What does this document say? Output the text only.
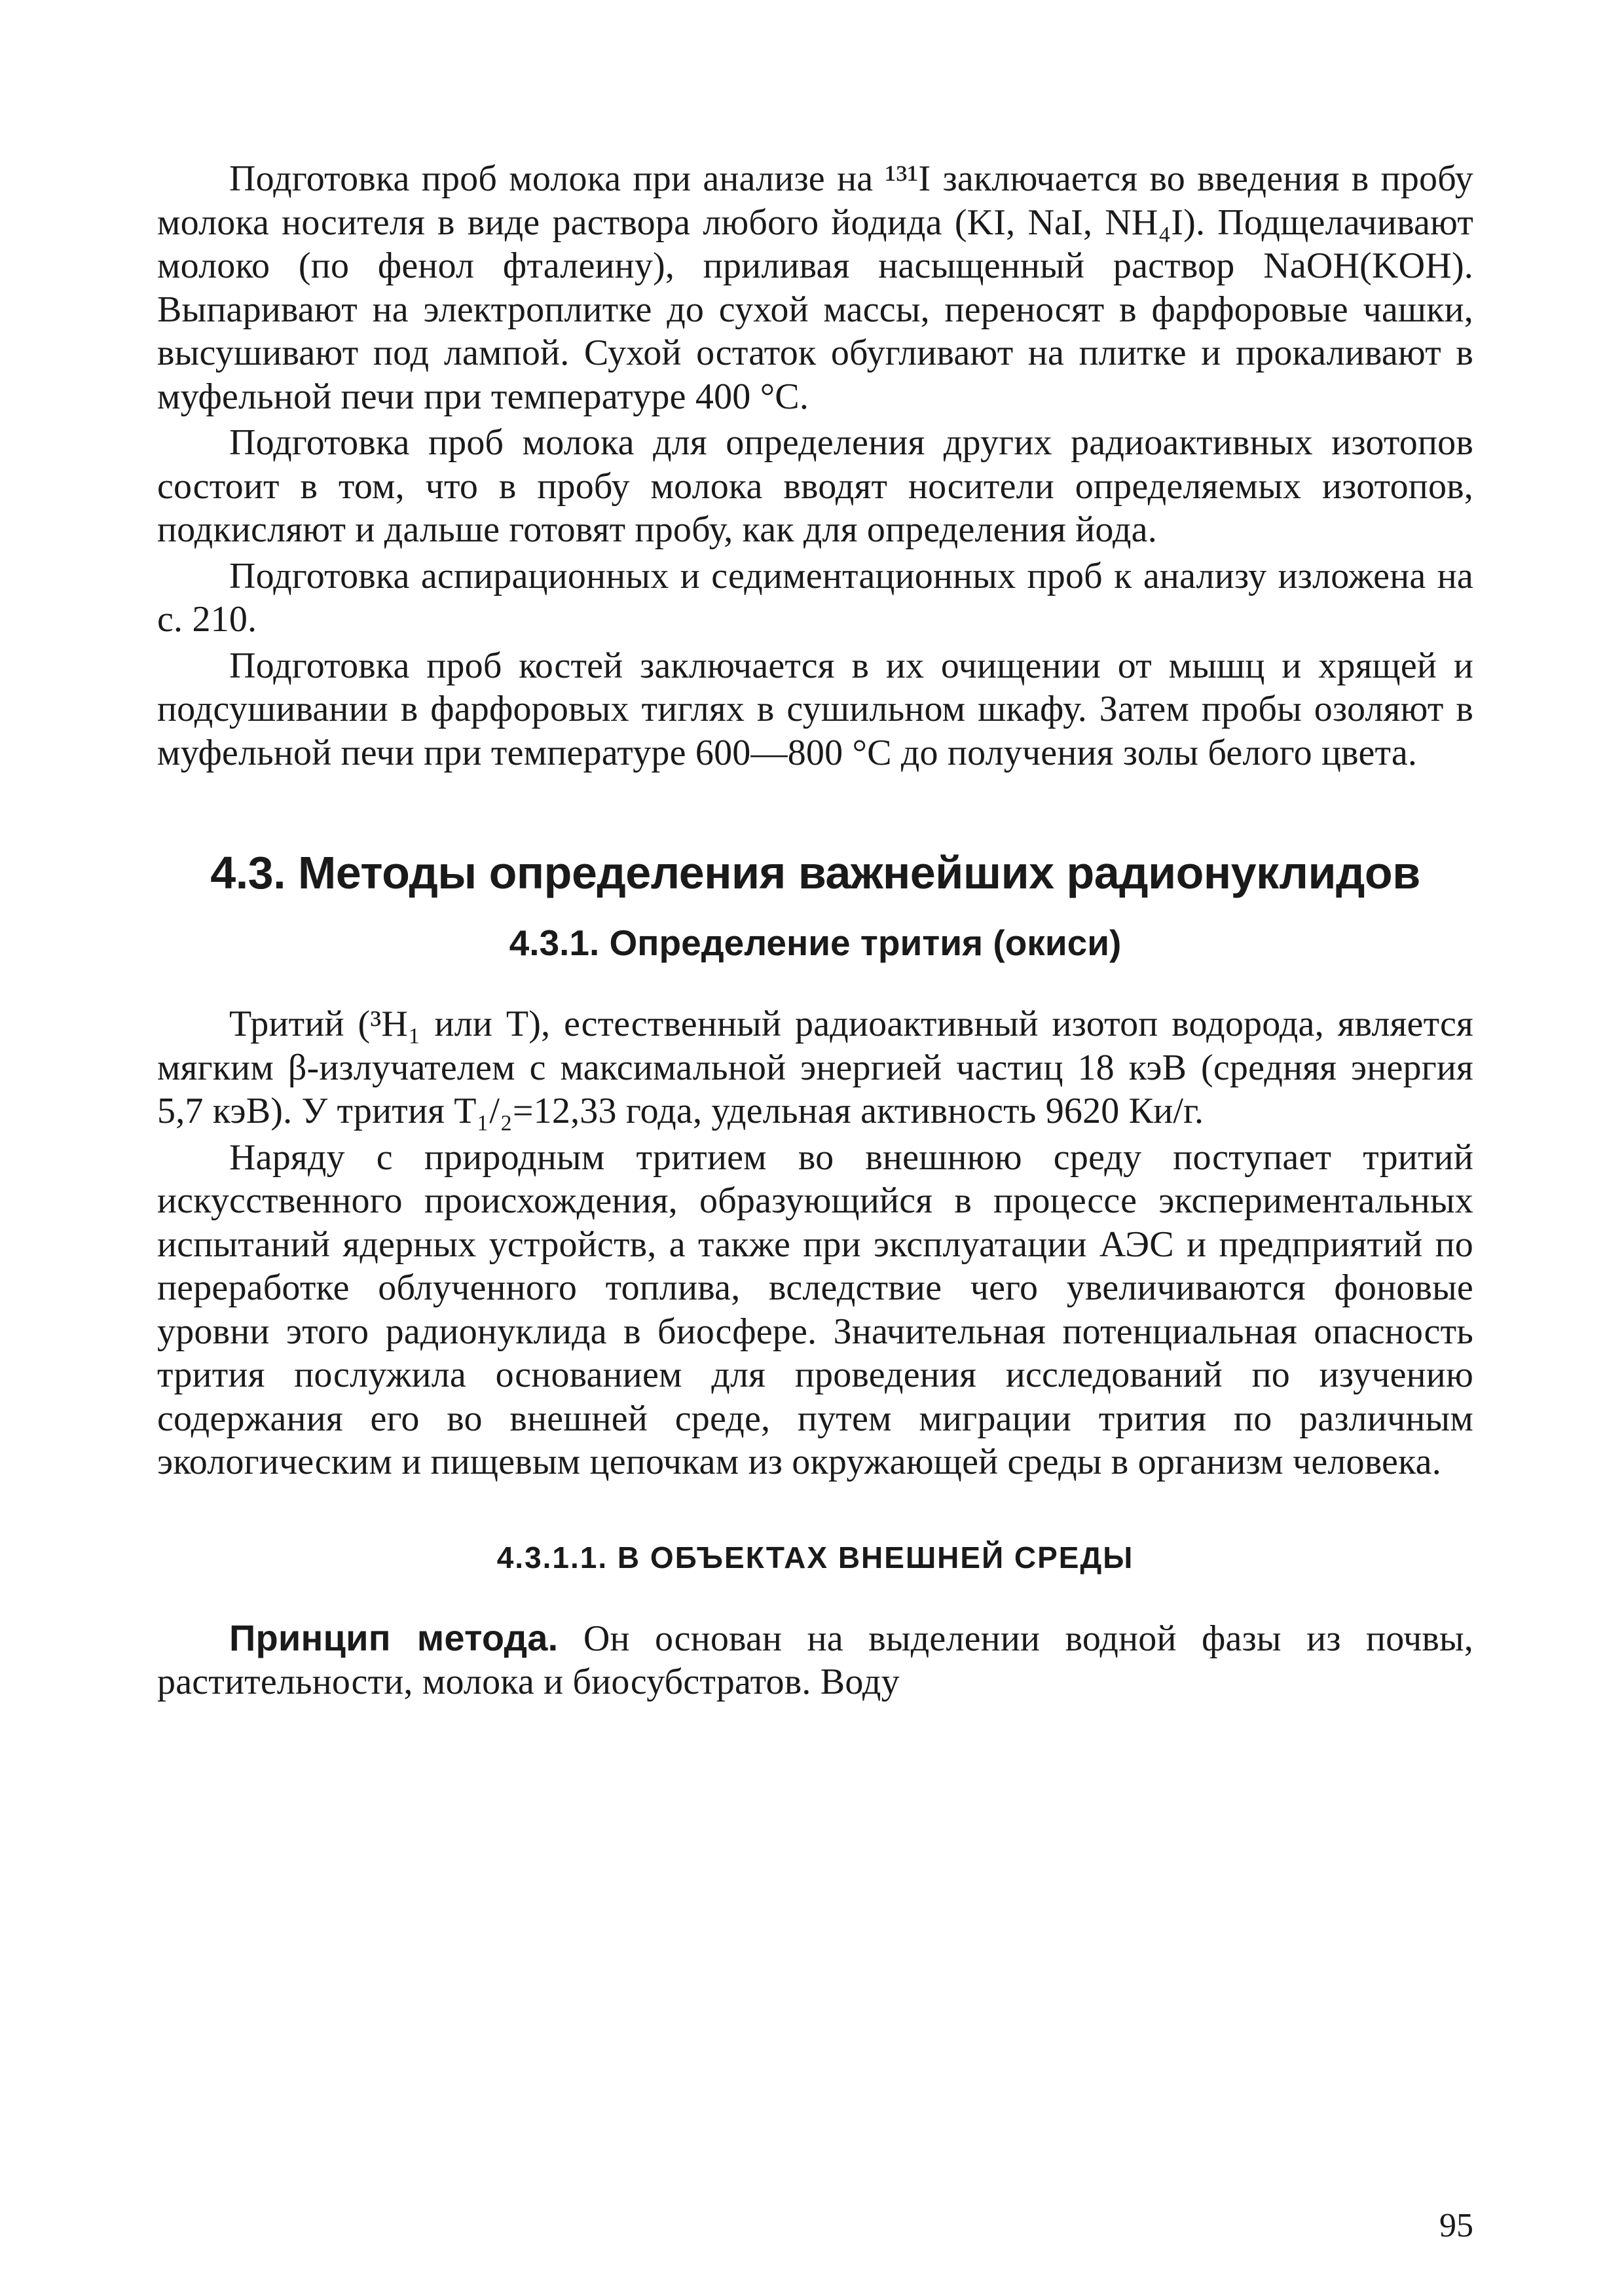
Подготовка проб молока при анализе на ¹³¹I заключается во введения в пробу молока носителя в виде раствора любого йодида (KI, NaI, NH₄I). Подщелачивают молоко (по фенол фталеину), приливая насыщенный раствор NaOH(KOH). Выпаривают на электроплитке до сухой массы, переносят в фарфоровые чашки, высушивают под лампой. Сухой остаток обугливают на плитке и прокаливают в муфельной печи при температуре 400 °С.

Подготовка проб молока для определения других радиоактивных изотопов состоит в том, что в пробу молока вводят носители определяемых изотопов, подкисляют и дальше готовят пробу, как для определения йода.

Подготовка аспирационных и седиментационных проб к анализу изложена на с. 210.

Подготовка проб костей заключается в их очищении от мышц и хрящей и подсушивании в фарфоровых тиглях в сушильном шкафу. Затем пробы озоляют в муфельной печи при температуре 600—800 °С до получения золы белого цвета.

4.3. Методы определения важнейших радионуклидов
4.3.1. Определение трития (окиси)

Тритий (³H₁ или T), естественный радиоактивный изотоп водорода, является мягким β-излучателем с максимальной энергией частиц 18 кэВ (средняя энергия 5,7 кэВ). У трития T₁/₂=12,33 года, удельная активность 9620 Ки/г.

Наряду с природным тритием во внешнюю среду поступает тритий искусственного происхождения, образующийся в процессе экспериментальных испытаний ядерных устройств, а также при эксплуатации АЭС и предприятий по переработке облученного топлива, вследствие чего увеличиваются фоновые уровни этого радионуклида в биосфере. Значительная потенциальная опасность трития послужила основанием для проведения исследований по изучению содержания его во внешней среде, путем миграции трития по различным экологическим и пищевым цепочкам из окружающей среды в организм человека.

4.3.1.1. В ОБЪЕКТАХ ВНЕШНЕЙ СРЕДЫ

Принцип метода. Он основан на выделении водной фазы из почвы, растительности, молока и биосубстратов. Воду

95
